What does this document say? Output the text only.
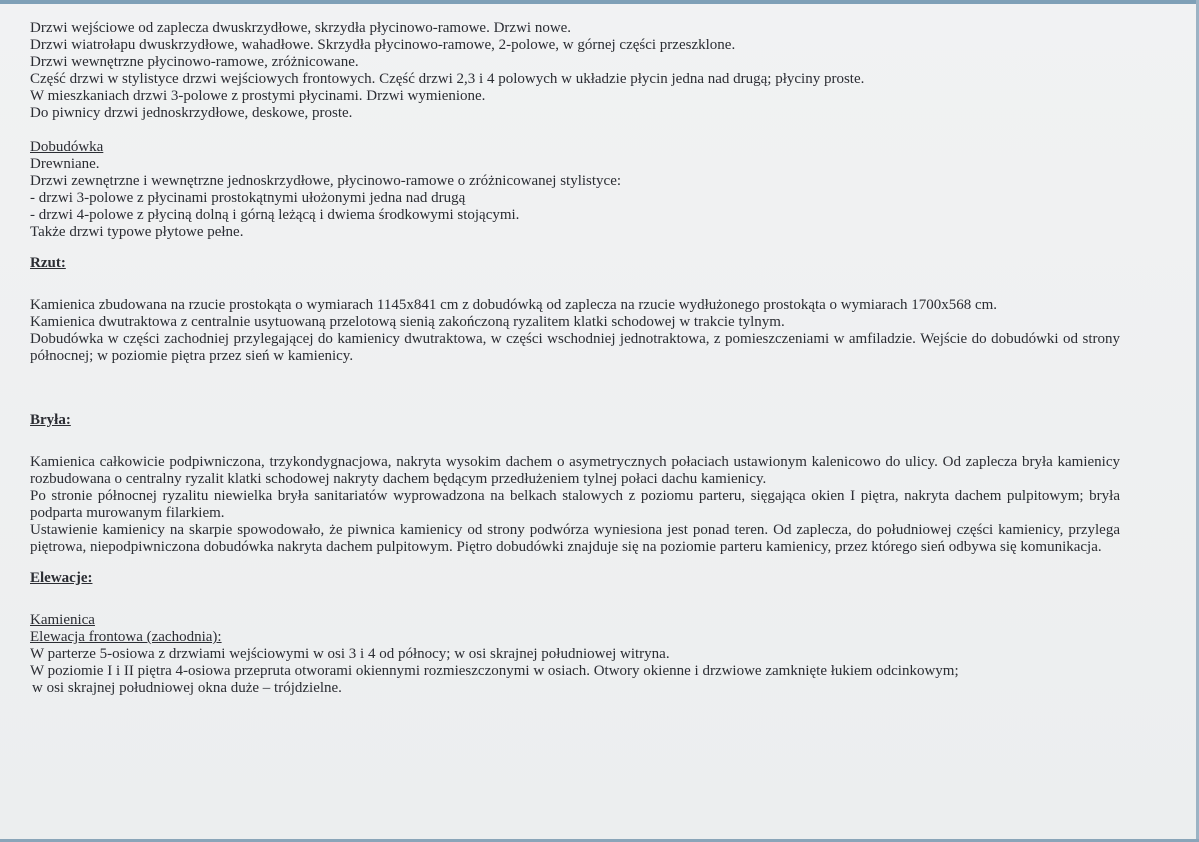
Drzwi wejściowe od zaplecza dwuskrzydłowe, skrzydła płycinowo-ramowe. Drzwi nowe.
Drzwi wiatrołapu dwuskrzydłowe, wahadłowe. Skrzydła płycinowo-ramowe, 2-polowe, w górnej części przeszklone.
Drzwi wewnętrzne płycinowo-ramowe, zróżnicowane.
Część drzwi w stylistyce drzwi wejściowych frontowych. Część drzwi 2,3 i 4 polowych w układzie płycin jedna nad drugą; płyciny proste.
W mieszkaniach drzwi 3-polowe z prostymi płycinami. Drzwi wymienione.
Do piwnicy drzwi jednoskrzydłowe, deskowe, proste.
Dobudówka
Drewniane.
Drzwi zewnętrzne i wewnętrzne jednoskrzydłowe, płycinowo-ramowe o zróżnicowanej stylistyce:
- drzwi 3-polowe z płycinami prostokątnymi ułożonymi jedna nad drugą
- drzwi 4-polowe z płyciną dolną i górną leżącą i dwiema środkowymi stojącymi.
Także drzwi typowe płytowe pełne.
Rzut:
Kamienica zbudowana na rzucie prostokąta o wymiarach 1145x841 cm z dobudówką od zaplecza na rzucie wydłużonego prostokąta o wymiarach 1700x568 cm.
Kamienica dwutraktowa z centralnie usytuowaną przelotową sienią zakończoną ryzalitem klatki schodowej w trakcie tylnym.
Dobudówka w części zachodniej przylegającej do kamienicy dwutraktowa, w części wschodniej jednotraktowa, z pomieszczeniami w amfiladzie. Wejście do dobudówki od strony północnej; w poziomie piętra przez sień w kamienicy.
Bryła:
Kamienica całkowicie podpiwniczona, trzykondygnacjowa, nakryta wysokim dachem o asymetrycznych połaciach ustawionym kalenicowo do ulicy. Od zaplecza bryła kamienicy rozbudowana o centralny ryzalit klatki schodowej nakryty dachem będącym przedłużeniem tylnej połaci dachu kamienicy.
Po stronie północnej ryzalitu niewielka bryła sanitariatów wyprowadzona na belkach stalowych z poziomu parteru, sięgająca okien I piętra, nakryta dachem pulpitowym; bryła podparta murowanym filarkiem.
Ustawienie kamienicy na skarpie spowodowało, że piwnica kamienicy od strony podwórza wyniesiona jest ponad teren. Od zaplecza, do południowej części kamienicy, przylega piętrowa, niepodpiwniczona dobudówka nakryta dachem pulpitowym. Piętro dobudówki znajduje się na poziomie parteru kamienicy, przez którego sień odbywa się komunikacja.
Elewacje:
Kamienica
Elewacja frontowa (zachodnia):
W parterze 5-osiowa z drzwiami wejściowymi w osi 3 i 4 od północy; w osi skrajnej południowej witryna.
W poziomie I i II piętra 4-osiowa przepruta otworami okiennymi rozmieszczonymi w osiach. Otwory okienne i drzwiowe zamknięte łukiem odcinkowym;
w osi skrajnej południowej okna duże – trójdzielne.
